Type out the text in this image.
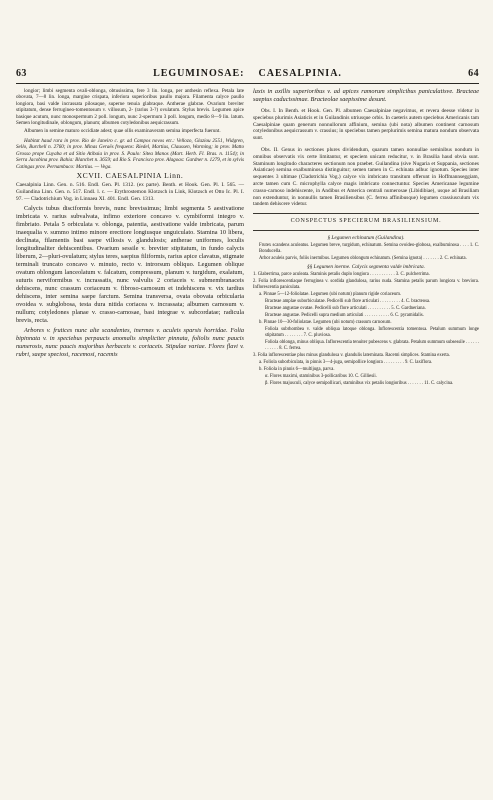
63	LEGUMINOSAE: CAESALPINIA.	64

longior; limbi segmenta ovali-oblonga, obtusissima, fere 3 lin. longa, per anthesin reflexa. Petala late obovata, 7—8 lin. longa, margine crispata, inferiora superioribus paullo majora. Filamenta calyce paullo longiora, basi valde incrassata pilosaque, superne tenuia glabraque. Antherae glabrae. Ovarium breviter stipitatum, dense ferrugineo-tomentosum v. villosum, 2- (rarius 3-?) ovulatum. Stylus brevis. Legumen apice basique acutum, nunc monospermum 2 poll. longum, nunc 2-spermum 3 poll. longum, medio 8—9 lin. latum. Semen longitudinale, oblongum, planum; albumen cotyledonibus aequicrassum.

Albumen in semine maturo occidiate adest; quae ollis examinaveram semina imperfecta fuerunt.

Habitat haud rara in prov. Rio de Janeiro c. gr. ad Campos novos etc.: Vellozo, Glaziou 2551, Widgren, Sello, Burchell n. 2760; in prov. Minas Geraës frequens: Riedel, Martius, Claussen, Warming; in prov. Matto Grosso prope Cuyaba et ad Sitio Atibaia in prov. S. Paulo: Sitea Manos (Mart. Herb. Fl. Bras. n. 1154); in Serra Jacobina prov. Bahia: Blanchet n. 3659; ad Rio S. Francisco prov. Alagoas: Gardner n. 1279, et in sylvis Catingas prov. Pernambuco: Martius. — Vega.

XCVII. CAESALPINIA Linn.

Caesalpinia Linn. Gen. n. 516. Endl. Gen. Pl. 1312. (ex parte). Benth. et Hook. Gen. Pl. I. 565. — Guilandina Linn. Gen. n. 517. Endl. l. c. — Erythrostemon Klotzsch in Link, Klotzsch et Otto Ic. Pl. I. 97. — Cladotrichium Vog. in Linnaea XI. 401. Endl. Gen. 1313.

Calycis tubus disciformis brevis, nunc brevissimus; limbi segmenta 5 aestivatione imbricata v. rarius subvalvata, infimo exteriore concavo v. cymbiformi integro v. fimbriato. Petala 5 orbiculata v. oblonga, patentia, aestivatione valde imbricata, parum inaequalia v. summo intimo minore erectiore longiusque unguiculato. Stamina 10 libera, declinata, filamentis basi saepe villosis v. glandulosis; antherae uniformes, loculis longitudinaliter dehiscentibus. Ovarium sessile v. breviter stipitatum, in fundo calycis liberum, 2—pluri-ovulatum; stylus teres, saepius filiformis, rarius apice clavatus, stigmate terminali truncato concavo v. minuto, recto v. introrsum obliquo. Legumen oblique ovatum oblongum lanceolatum v. falcatum, compressum, planum v. turgidum, exalatum, suturis nerviformibus v. incrassatis, nunc valvulis 2 coriaceis v. submembranaceis dehiscens, nunc crassum coriaceum v. fibroso-carnosum et indehiscens v. vix tardius dehiscens, inter semina saepe farctum. Semina transversa, ovata obovata orbicularia ovoidea v. subglobosa, testa dura nitida coriacea v. incrassata; albumen carnosum v. nullum; cotyledones planae v. crasso-carnosae, basi integrae v. subcordatae; radicula brevis, recta.

Arbores v. frutices nunc alte scandentes, inermes v. aculeis sparsis horridae. Folia bipinnata v. in speciebus perpaucis anomalis simpliciter pinnata, foliolis nunc paucis numerosis, nunc paucis majoribus herbaceis v. coriaceis. Stipulae variae. Flores flavi v. rubri, saepe speciosi, racemosi, racemis

laxis in axillis superioribus v. ad apices ramorum simplicibus paniculatisve. Bracteae saepius caducissimae. Bracteolae saepissime desunt.

Obs. I. In Benth. et Hook. Gen. Pl. albumen Caesalpiniae negavimus, et revera deesse videtur in speciebus plurimis Asiaticis et in Guilandinis utriusque orbis. In caeteris autem speciebus Americanis tam Caesalpiniae quam generum nonnullorum affinium, semina (ubi nota) albumen continent carnosum cotyledonibus aequicrassum v. crassius; in speciebus tamen perplurimis semina matura nondum observata sunt.

Obs. II. Genus in sectiones plures dividendum, quarum tamen nonnullae seminibus nondum in omnibus observatis vix certe limitantur, et speciem unicam reducitur, v. in Brasilia haud obvia sunt. Staminum longitudo characteres sectionum non praebet. Guilandina (sive Nugaria et Suppania, sectiones Asiaticae) semina exalbuminosa distinguitur; semen tamen in C. echinata adhuc ignotum. Species inter sequentes 3 ultimae (Cladotrichia Vog.) calyce vix imbricato transitum offerunt in Hoffmannseggiam, arcte tamen cum C. microphylla calyce magis imbricato connectuntur. Species Americanae legumine crasso-carnoso indehiscente, in Andibus et America centrali numerosae (Libidibiae), usque ad Brasiliam non extenduntur, in nonnullis tamen Brasiliensibus (C. ferrea affinibusque) legumen crassiusculum vix tandem dehiscere videtur.

CONSPECTUS SPECIERUM BRASILIENSIUM.
§ Legumen echinatum (Guilandina).

Frutex scandens aculeatus. Legumen breve, turgidum, echinatum. Semina ovoideo-globosa, exalbuminosa . . . . 1. C. Bonducella.

Arbor aculeis parvis, foliis inermibus. Legumen oblongum echinatum. (Semina ignota) . . . . . . . 2. C. echinata.

§§ Legumen inerme. Calycis segmenta valde imbricata.

1. Glaberrima, parce aculeata. Staminis petalis duplo longiora . . . . . . . . . . . 3. C. pulcherrima.

2. Folia inflorescentiaque ferruginea v. sordida glandulosa, rarius nuda. Stamina petalis parum longiora v. breviora. Inflorescentia paniculata.

a. Pinnae 5—12-foliolatae. Legumen (ubi notum) planum rigide coriaceum.

Bracteae amplae suborbiculatae. Pedicelli sub flore articulati . . . . . . . . . 4. C. bracteosa.

Bracteae angustae ovatae. Pedicelli sub flore articulati . . . . . . . . . . 5. C. Gardneriana.

Bracteae angustae. Pedicelli supra medium articulati . . . . . . . . . . . 6. C. pyramidalis.

b. Pinnae 10—30-foliolatae. Legumen (ubi notum) crassum carnosum.

Foliola subrhombea v. valde obliqua latoque oblonga. Inflorescentia tomentosa. Petalum summum longe stipitatum . . . . . . . . 7. C. pluviosa.

Foliola oblonga, minus obliqua. Inflorescentia tenuiter pubescens v. glabrata. Petalum summum subsessile . . . . . . . . . . . . 8. C. ferrea.

3. Folia inflorescentiae plus minus glandulosa v. glandulis laterninata. Racemi simplices. Stamina exerta.

a. Foliola suborbiculata, in pinnis 3—4-juga, semipollice longiora . . . . . . . . . 9. C. laxiflora.

b. Foliola in pinnis 6—multijuga, parva.

α. Flores maximi, staminibus 3-pollicaribus 10. C. Gilliesii.

β. Flores majusculi, calyce semipollicari, staminibus vix petalis longioribus . . . . . . . 11. C. calycina.
